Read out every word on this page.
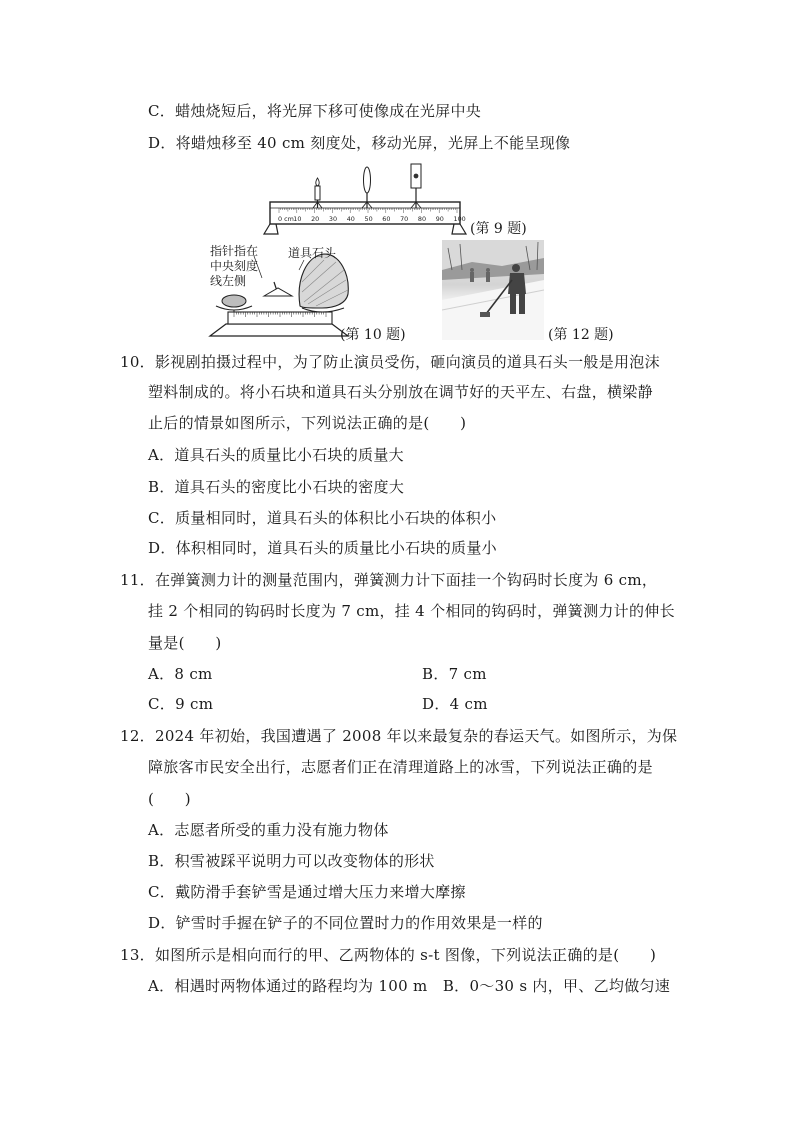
C．蜡烛烧短后，将光屏下移可使像成在光屏中央
D．将蜡烛移至 40 cm 刻度处，移动光屏，光屏上不能呈现像
0 cm 10 20 30 40 50 60 70 80 90 100
(第 9 题)
指针指在
中央刻度
线左侧
道具石头
(第 10 题)	(第 12 题)
10．影视剧拍摄过程中，为了防止演员受伤，砸向演员的道具石头一般是用泡沫
塑料制成的。将小石块和道具石头分别放在调节好的天平左、右盘，横梁静
止后的情景如图所示，下列说法正确的是(　　)
A．道具石头的质量比小石块的质量大
B．道具石头的密度比小石块的密度大
C．质量相同时，道具石头的体积比小石块的体积小
D．体积相同时，道具石头的质量比小石块的质量小
11．在弹簧测力计的测量范围内，弹簧测力计下面挂一个钩码时长度为 6 cm，
挂 2 个相同的钩码时长度为 7 cm，挂 4 个相同的钩码时，弹簧测力计的伸长
量是(　　)
A．8 cm	B．7 cm
C．9 cm	D．4 cm
12．2024 年初始，我国遭遇了 2008 年以来最复杂的春运天气。如图所示，为保
障旅客市民安全出行，志愿者们正在清理道路上的冰雪，下列说法正确的是
(　　)
A．志愿者所受的重力没有施力物体
B．积雪被踩平说明力可以改变物体的形状
C．戴防滑手套铲雪是通过增大压力来增大摩擦
D．铲雪时手握在铲子的不同位置时力的作用效果是一样的
13．如图所示是相向而行的甲、乙两物体的 s-t 图像，下列说法正确的是(　　)
A．相遇时两物体通过的路程均为 100 m　B．0～30 s 内，甲、乙均做匀速
